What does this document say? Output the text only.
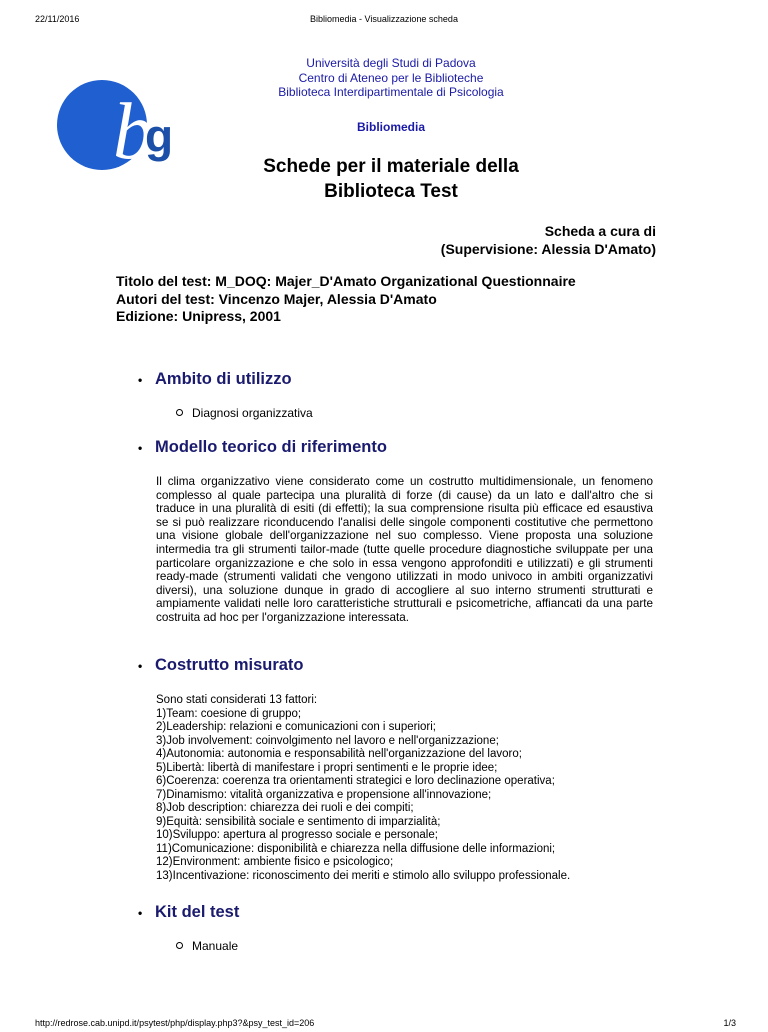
22/11/2016	Bibliomedia - Visualizzazione scheda
b
g
Università degli Studi di Padova
Centro di Ateneo per le Biblioteche
Biblioteca Interdipartimentale di Psicologia
Bibliomedia
Schede per il materiale della
Biblioteca Test
Scheda a cura di
(Supervisione: Alessia D'Amato)
Titolo del test: M_DOQ: Majer_D'Amato Organizational Questionnaire
Autori del test: Vincenzo Majer, Alessia D'Amato
Edizione: Unipress, 2001
• Ambito di utilizzo
Diagnosi organizzativa
• Modello teorico di riferimento
Il clima organizzativo viene considerato come un costrutto multidimensionale, un fenomeno complesso al quale partecipa una pluralità di forze (di cause) da un lato e dall'altro che si traduce in una pluralità di esiti (di effetti); la sua comprensione risulta più efficace ed esaustiva se si può realizzare riconducendo l'analisi delle singole componenti costitutive che permettono una visione globale dell'organizzazione nel suo complesso. Viene proposta una soluzione intermedia tra gli strumenti tailor-made (tutte quelle procedure diagnostiche sviluppate per una particolare organizzazione e che solo in essa vengono approfonditi e utilizzati) e gli strumenti ready-made (strumenti validati che vengono utilizzati in modo univoco in ambiti organizzativi diversi), una soluzione dunque in grado di accogliere al suo interno strumenti strutturati e ampiamente validati nelle loro caratteristiche strutturali e psicometriche, affiancati da una parte costruita ad hoc per l'organizzazione interessata.
• Costrutto misurato
Sono stati considerati 13 fattori:
1)Team: coesione di gruppo;
2)Leadership: relazioni e comunicazioni con i superiori;
3)Job involvement: coinvolgimento nel lavoro e nell'organizzazione;
4)Autonomia: autonomia e responsabilità nell'organizzazione del lavoro;
5)Libertà: libertà di manifestare i propri sentimenti e le proprie idee;
6)Coerenza: coerenza tra orientamenti strategici e loro declinazione operativa;
7)Dinamismo: vitalità organizzativa e propensione all'innovazione;
8)Job description: chiarezza dei ruoli e dei compiti;
9)Equità: sensibilità sociale e sentimento di imparzialità;
10)Sviluppo: apertura al progresso sociale e personale;
11)Comunicazione: disponibilità e chiarezza nella diffusione delle informazioni;
12)Environment: ambiente fisico e psicologico;
13)Incentivazione: riconoscimento dei meriti e stimolo allo sviluppo professionale.
• Kit del test
Manuale
http://redrose.cab.unipd.it/psytest/php/display.php3?&psy_test_id=206	1/3
